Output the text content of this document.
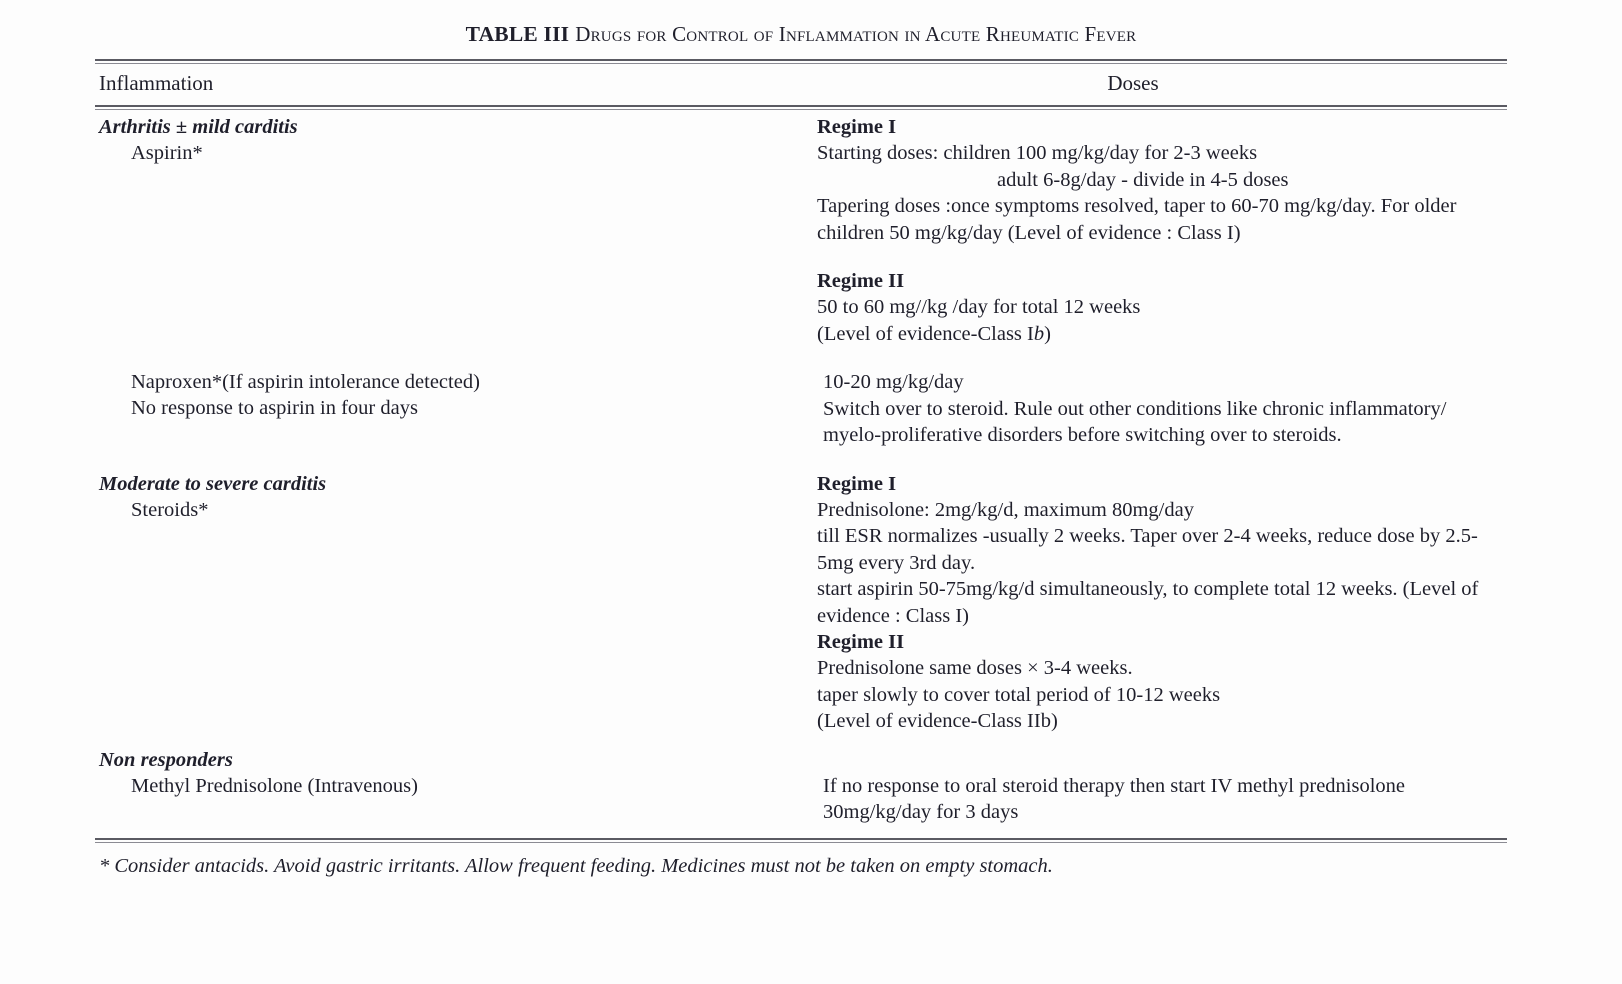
TABLE III Drugs for Control of Inflammation in Acute Rheumatic Fever
Inflammation	Doses
Arthritis ± mild carditis
Aspirin*
Regime I
Starting doses: children 100 mg/kg/day for 2-3 weeks
adult 6-8g/day - divide in 4-5 doses
Tapering doses :once symptoms resolved, taper to 60-70 mg/kg/day. For older children 50 mg/kg/day (Level of evidence : Class I)
Regime II
50 to 60 mg//kg /day for total 12 weeks
(Level of evidence-Class Ib)
Naproxen*(If aspirin intolerance detected)
No response to aspirin in four days
10-20 mg/kg/day
Switch over to steroid. Rule out other conditions like chronic inflammatory/ myelo-proliferative disorders before switching over to steroids.
Moderate to severe carditis
Steroids*
Regime I
Prednisolone: 2mg/kg/d, maximum 80mg/day
till ESR normalizes -usually 2 weeks. Taper over 2-4 weeks, reduce dose by 2.5-5mg every 3rd day.
start aspirin 50-75mg/kg/d simultaneously, to complete total 12 weeks. (Level of evidence : Class I)
Regime II
Prednisolone same doses × 3-4 weeks.
taper slowly to cover total period of 10-12 weeks
(Level of evidence-Class IIb)
Non responders
Methyl Prednisolone (Intravenous)	If no response to oral steroid therapy then start IV methyl prednisolone 30mg/kg/day for 3 days
* Consider antacids. Avoid gastric irritants. Allow frequent feeding. Medicines must not be taken on empty stomach.
